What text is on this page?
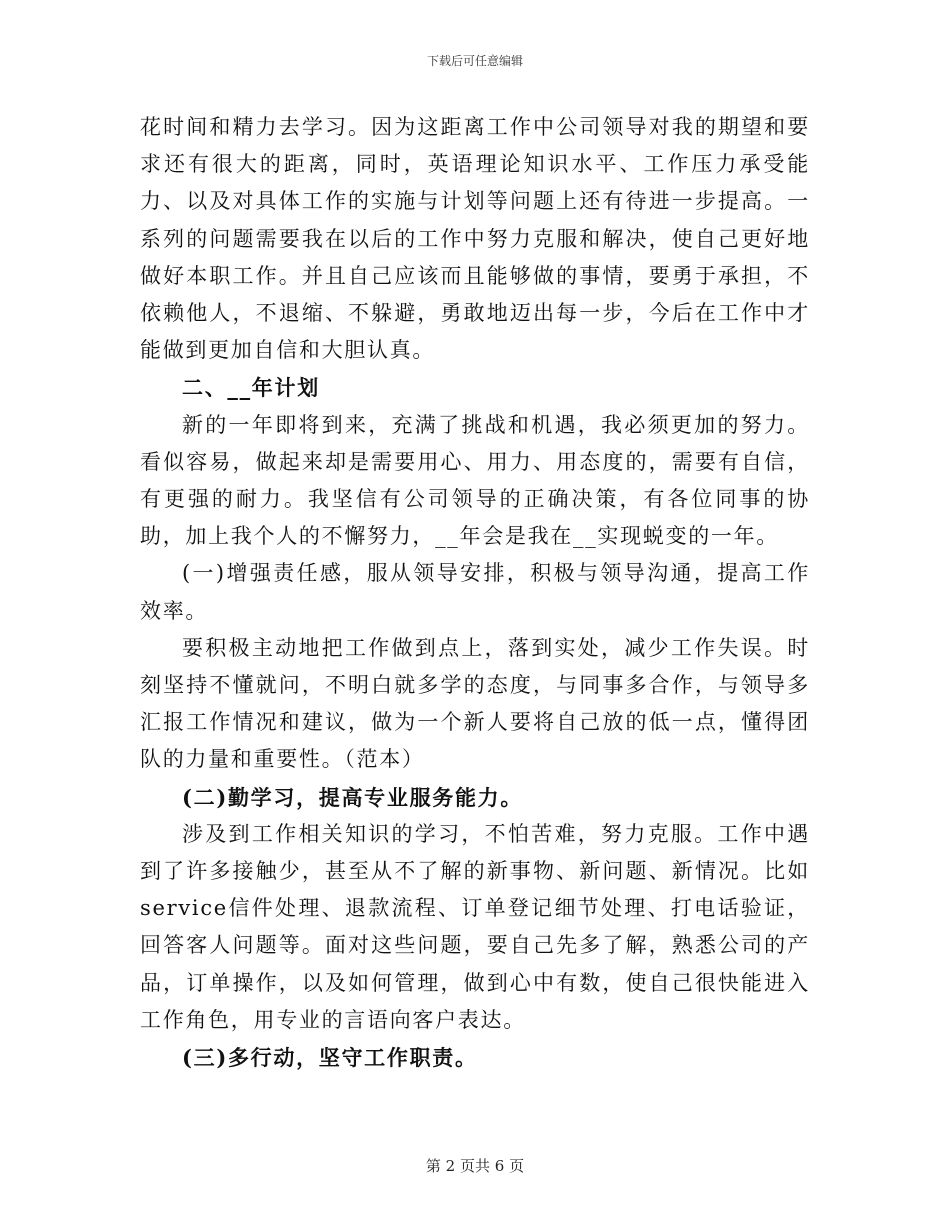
下载后可任意编辑

花时间和精力去学习。因为这距离工作中公司领导对我的期望和要求还有很大的距离，同时，英语理论知识水平、工作压力承受能力、以及对具体工作的实施与计划等问题上还有待进一步提高。一系列的问题需要我在以后的工作中努力克服和解决，使自己更好地做好本职工作。并且自己应该而且能够做的事情，要勇于承担，不依赖他人，不退缩、不躲避，勇敢地迈出每一步，今后在工作中才能做到更加自信和大胆认真。

二、__年计划

新的一年即将到来，充满了挑战和机遇，我必须更加的努力。看似容易，做起来却是需要用心、用力、用态度的，需要有自信，有更强的耐力。我坚信有公司领导的正确决策，有各位同事的协助，加上我个人的不懈努力，__年会是我在__实现蜕变的一年。

(一)增强责任感，服从领导安排，积极与领导沟通，提高工作效率。

要积极主动地把工作做到点上，落到实处，减少工作失误。时刻坚持不懂就问，不明白就多学的态度，与同事多合作，与领导多汇报工作情况和建议，做为一个新人要将自己放的低一点，懂得团队的力量和重要性。（范本）

(二)勤学习，提高专业服务能力。

涉及到工作相关知识的学习，不怕苦难，努力克服。工作中遇到了许多接触少，甚至从不了解的新事物、新问题、新情况。比如service信件处理、退款流程、订单登记细节处理、打电话验证，回答客人问题等。面对这些问题，要自己先多了解，熟悉公司的产品，订单操作，以及如何管理，做到心中有数，使自己很快能进入工作角色，用专业的言语向客户表达。

(三)多行动，坚守工作职责。

第 2 页共 6 页
